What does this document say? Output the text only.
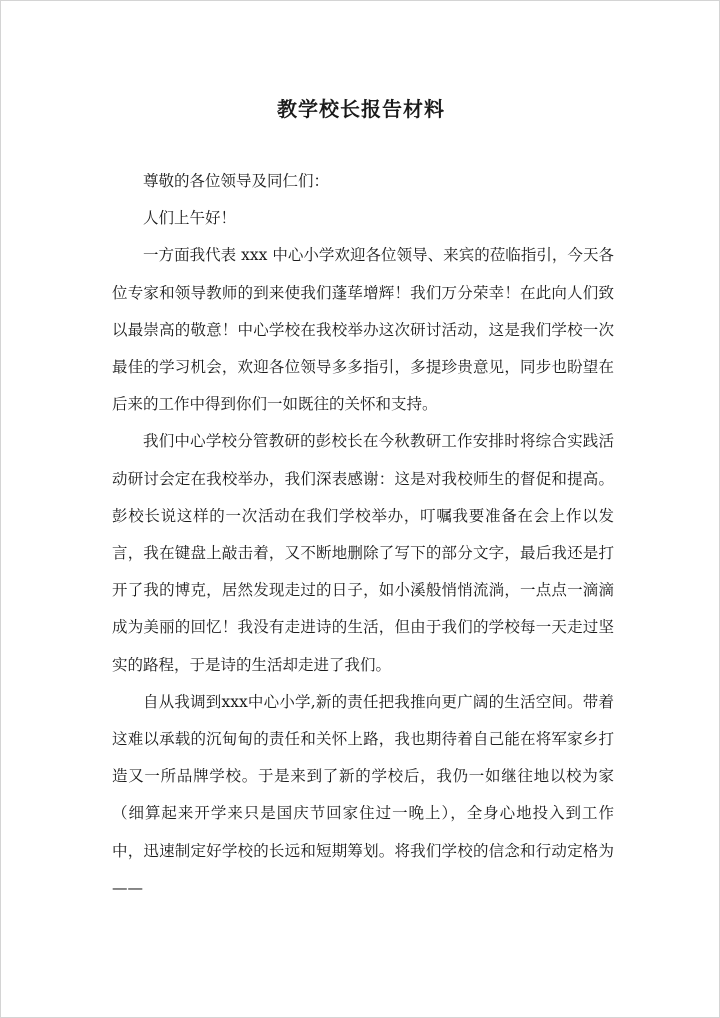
教学校长报告材料

尊敬的各位领导及同仁们：

人们上午好！

一方面我代表 xxx 中心小学欢迎各位领导、来宾的莅临指引，今天各位专家和领导教师的到来使我们蓬荜增辉！我们万分荣幸！在此向人们致以最崇高的敬意！中心学校在我校举办这次研讨活动，这是我们学校一次最佳的学习机会，欢迎各位领导多多指引，多提珍贵意见，同步也盼望在后来的工作中得到你们一如既往的关怀和支持。

我们中心学校分管教研的彭校长在今秋教研工作安排时将综合实践活动研讨会定在我校举办，我们深表感谢：这是对我校师生的督促和提高。彭校长说这样的一次活动在我们学校举办，叮嘱我要准备在会上作以发言，我在键盘上敲击着，又不断地删除了写下的部分文字，最后我还是打开了我的博克，居然发现走过的日子，如小溪般悄悄流淌，一点点一滴滴成为美丽的回忆！我没有走进诗的生活，但由于我们的学校每一天走过坚实的路程，于是诗的生活却走进了我们。

自从我调到xxx中心小学,新的责任把我推向更广阔的生活空间。带着这难以承载的沉甸甸的责任和关怀上路，我也期待着自己能在将军家乡打造又一所品牌学校。于是来到了新的学校后，我仍一如继往地以校为家（细算起来开学来只是国庆节回家住过一晚上），全身心地投入到工作中，迅速制定好学校的长远和短期筹划。将我们学校的信念和行动定格为——
